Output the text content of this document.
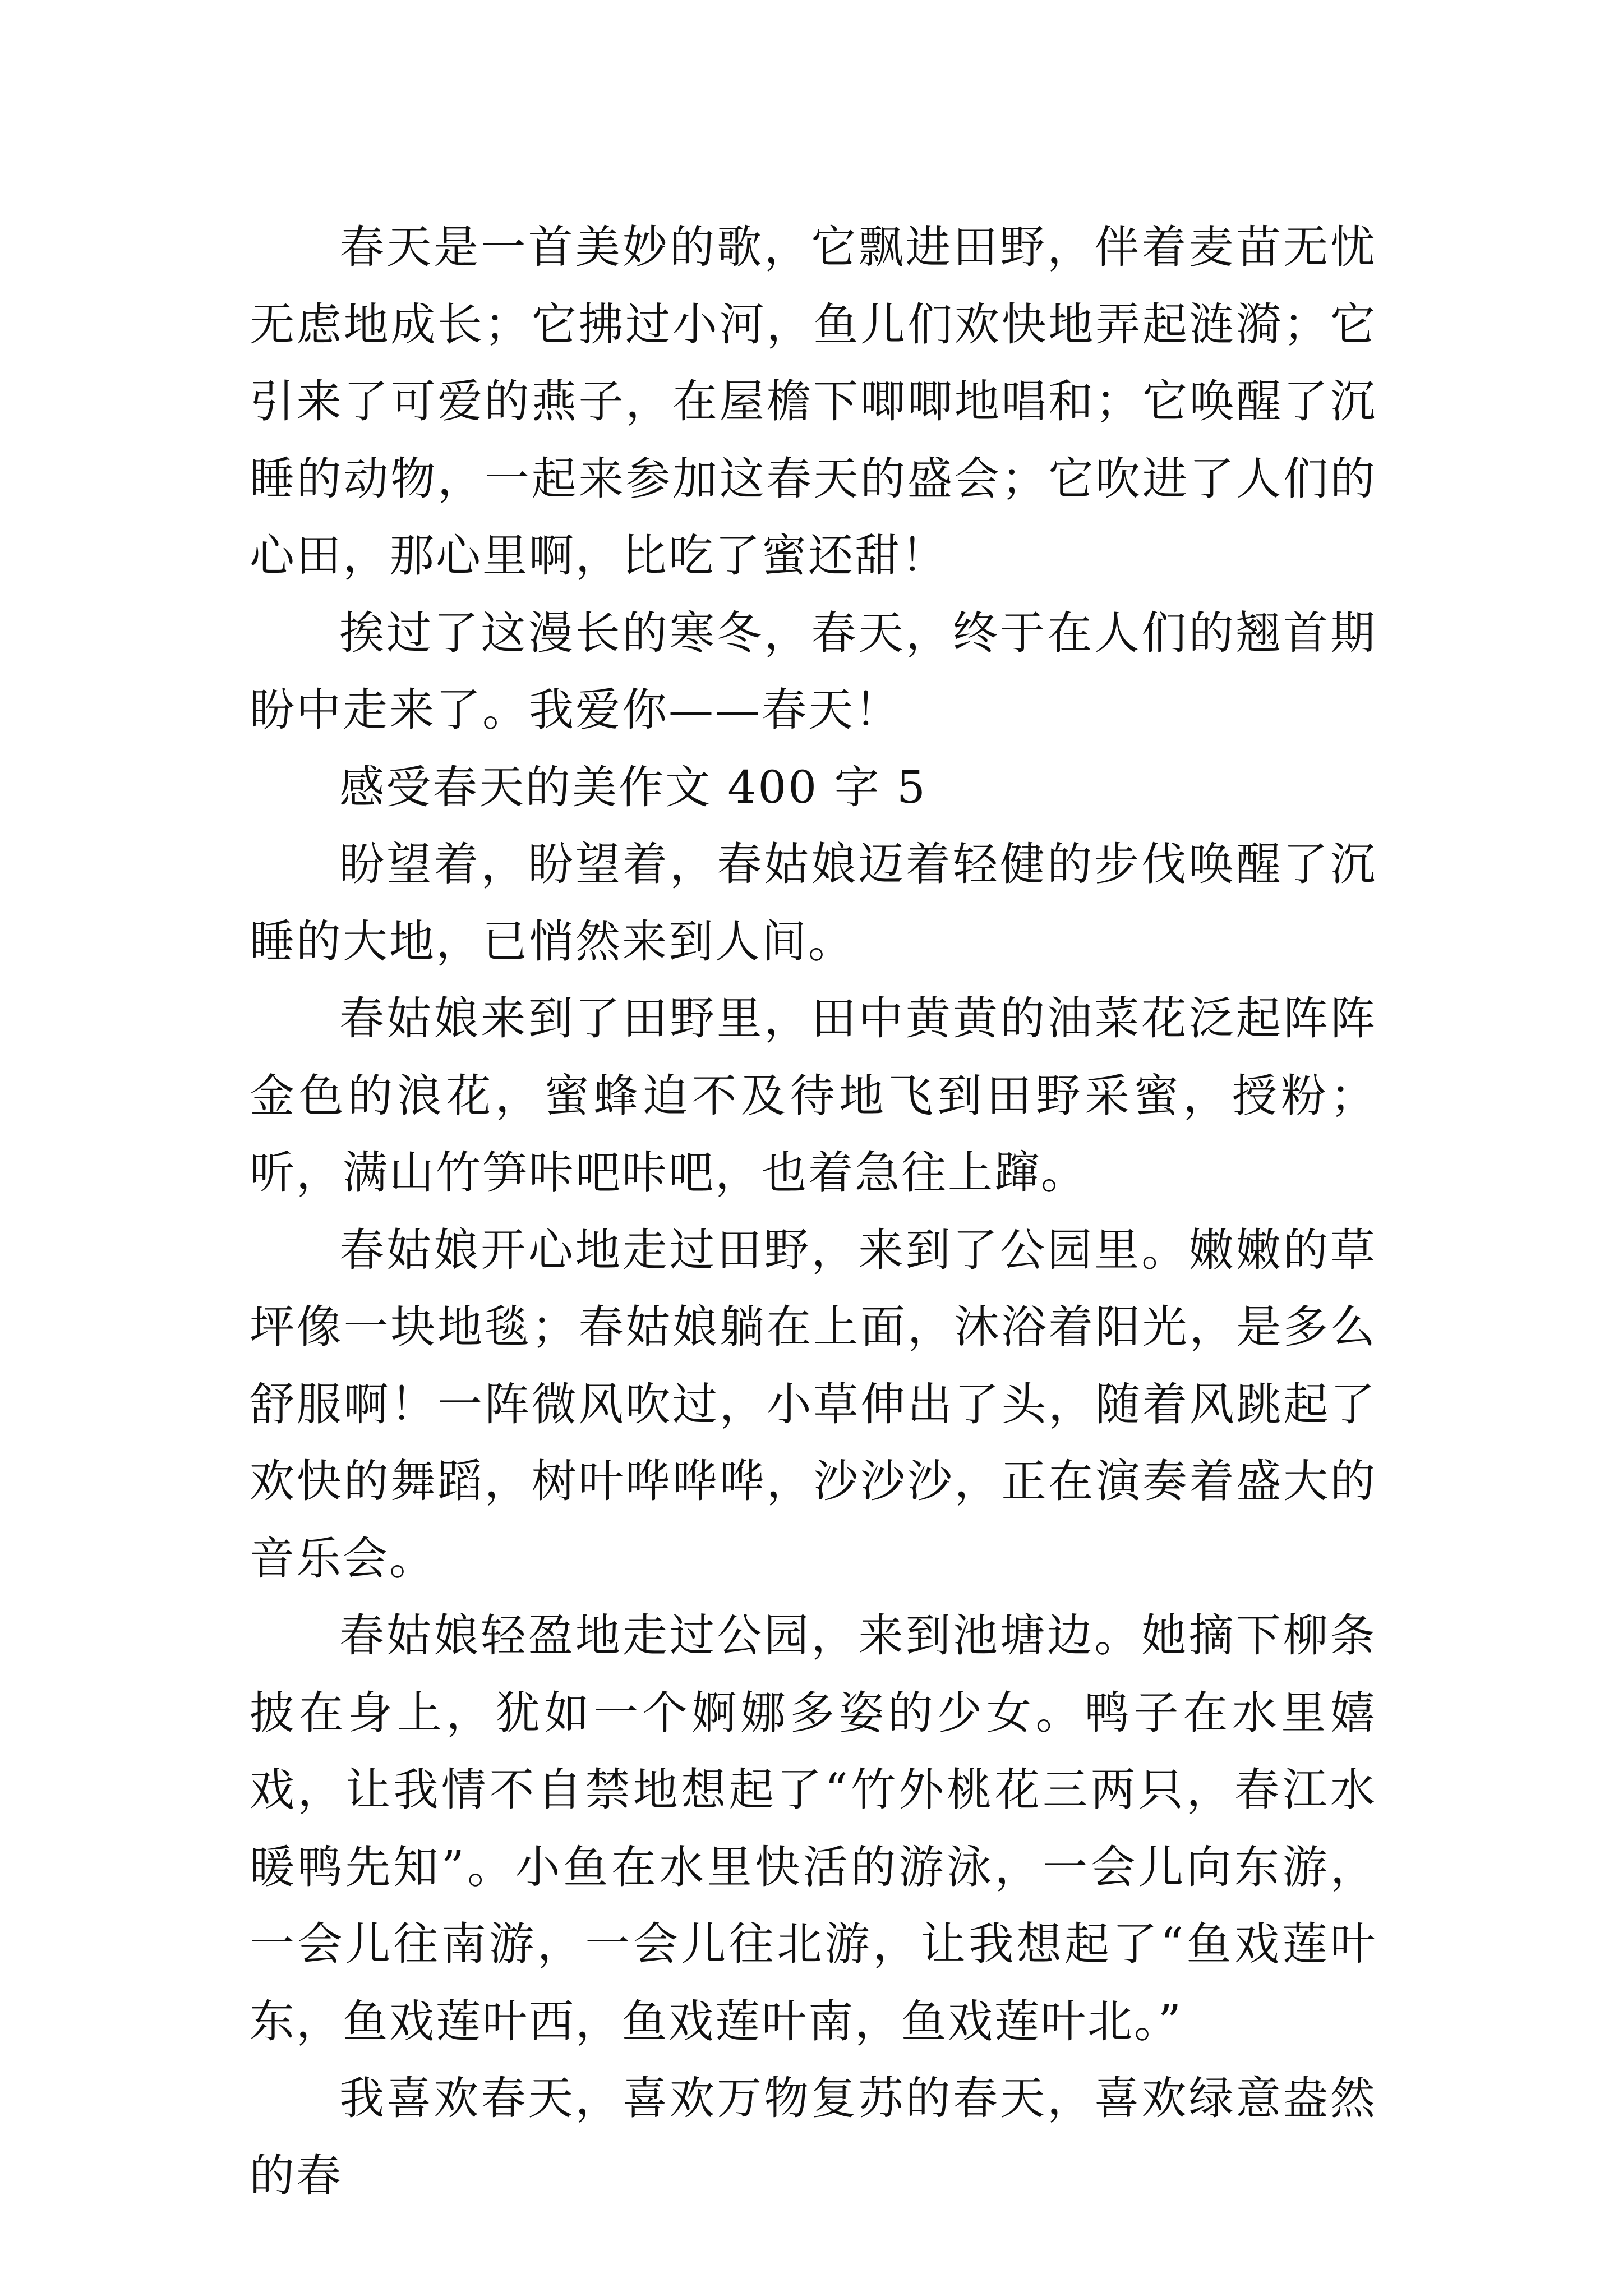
春天是一首美妙的歌，它飘进田野，伴着麦苗无忧无虑地成长；它拂过小河，鱼儿们欢快地弄起涟漪；它引来了可爱的燕子，在屋檐下唧唧地唱和；它唤醒了沉睡的动物，一起来参加这春天的盛会；它吹进了人们的心田，那心里啊，比吃了蜜还甜！

挨过了这漫长的寒冬，春天，终于在人们的翘首期盼中走来了。我爱你——春天！

感受春天的美作文 400 字 5

盼望着，盼望着，春姑娘迈着轻健的步伐唤醒了沉睡的大地，已悄然来到人间。

春姑娘来到了田野里，田中黄黄的油菜花泛起阵阵金色的浪花，蜜蜂迫不及待地飞到田野采蜜，授粉；听，满山竹笋咔吧咔吧，也着急往上蹿。

春姑娘开心地走过田野，来到了公园里。嫩嫩的草坪像一块地毯；春姑娘躺在上面，沐浴着阳光，是多么舒服啊！一阵微风吹过，小草伸出了头，随着风跳起了欢快的舞蹈，树叶哗哗哗，沙沙沙，正在演奏着盛大的音乐会。

春姑娘轻盈地走过公园，来到池塘边。她摘下柳条披在身上，犹如一个婀娜多姿的少女。鸭子在水里嬉戏，让我情不自禁地想起了“竹外桃花三两只，春江水暖鸭先知”。小鱼在水里快活的游泳，一会儿向东游，一会儿往南游，一会儿往北游，让我想起了“鱼戏莲叶东，鱼戏莲叶西，鱼戏莲叶南，鱼戏莲叶北。”

我喜欢春天，喜欢万物复苏的春天，喜欢绿意盎然的春
